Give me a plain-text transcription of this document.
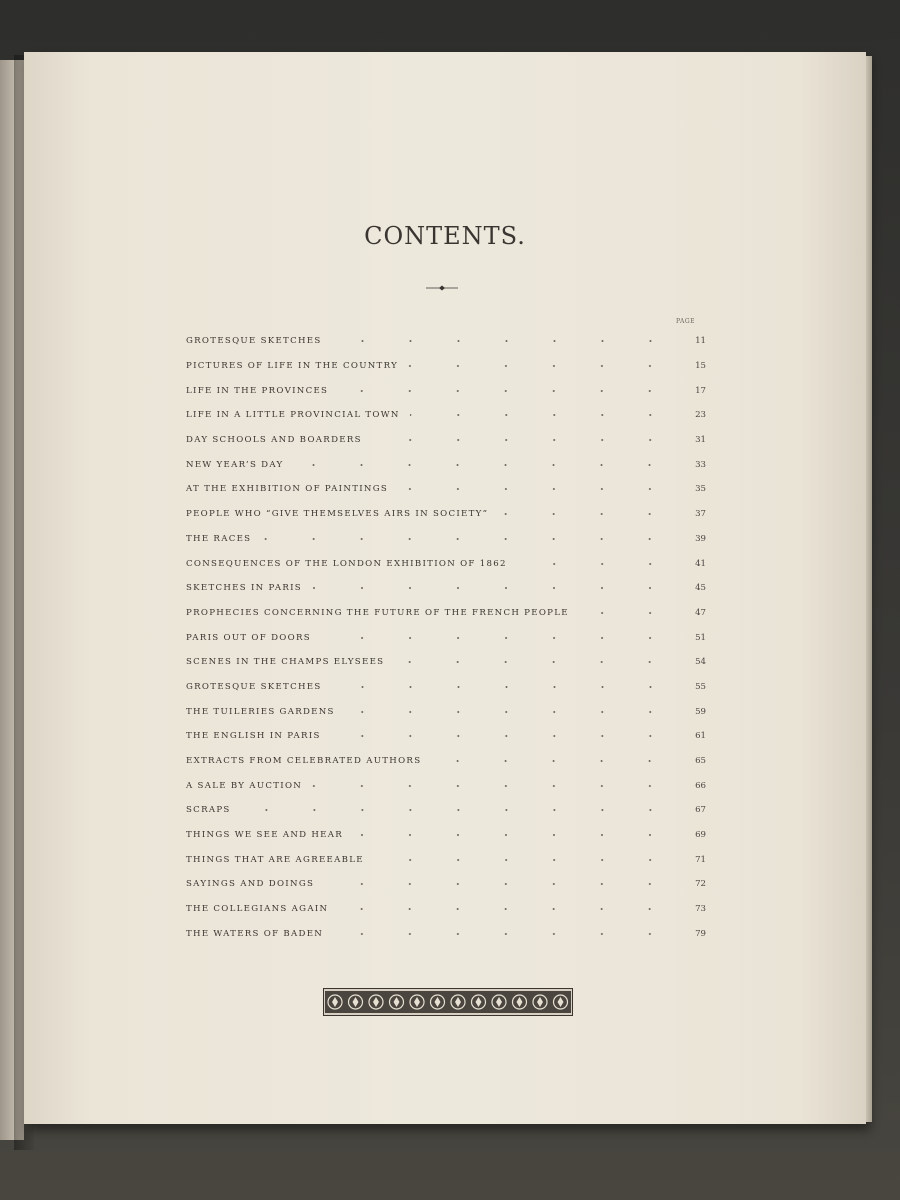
CONTENTS.
PAGE
GROTESQUE SKETCHES	11
PICTURES OF LIFE IN THE COUNTRY	15
LIFE IN THE PROVINCES	17
LIFE IN A LITTLE PROVINCIAL TOWN	23
DAY SCHOOLS AND BOARDERS	31
NEW YEAR’S DAY	33
AT THE EXHIBITION OF PAINTINGS	35
PEOPLE WHO “GIVE THEMSELVES AIRS IN SOCIETY”	37
THE RACES	39
CONSEQUENCES OF THE LONDON EXHIBITION OF 1862	41
SKETCHES IN PARIS	45
PROPHECIES CONCERNING THE FUTURE OF THE FRENCH PEOPLE	47
PARIS OUT OF DOORS	51
SCENES IN THE CHAMPS ELYSEES	54
GROTESQUE SKETCHES	55
THE TUILERIES GARDENS	59
THE ENGLISH IN PARIS	61
EXTRACTS FROM CELEBRATED AUTHORS	65
A SALE BY AUCTION	66
SCRAPS	67
THINGS WE SEE AND HEAR	69
THINGS THAT ARE AGREEABLE	71
SAYINGS AND DOINGS	72
THE COLLEGIANS AGAIN	73
THE WATERS OF BADEN	79
